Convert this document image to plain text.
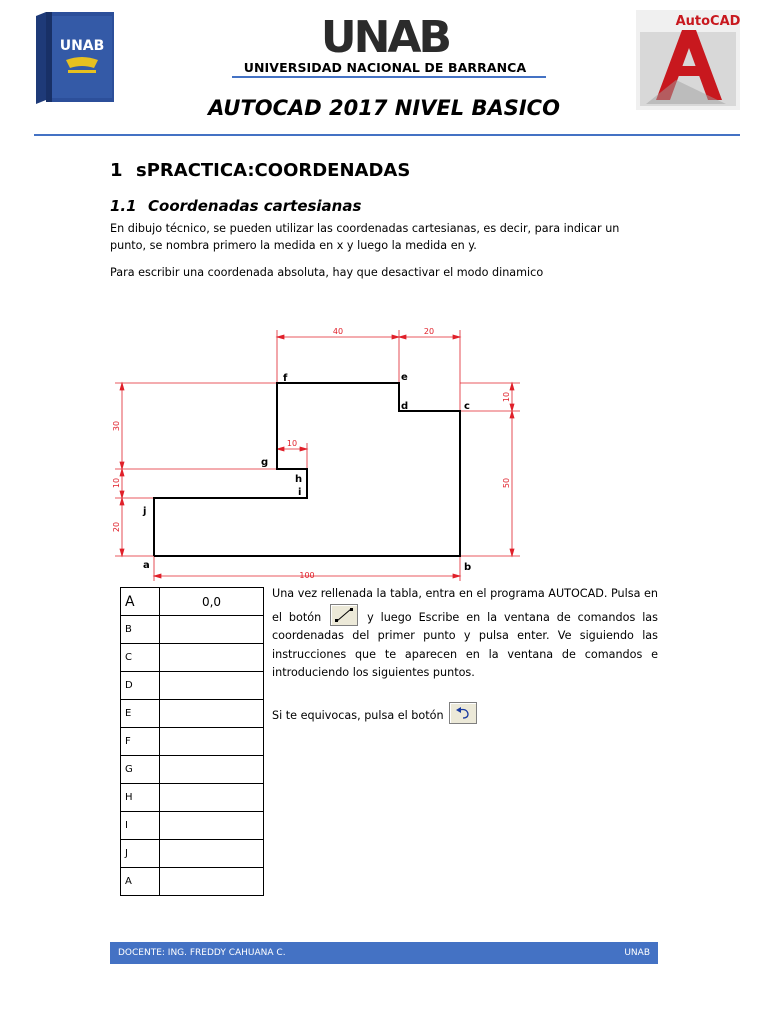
UNAB	UNAB
UNIVERSIDAD NACIONAL DE BARRANCA
AutoCAD
AUTOCAD 2017 NIVEL BASICO
1 sPRACTICA:COORDENADAS
1.1 Coordenadas cartesianas
En dibujo técnico, se pueden utilizar las coordenadas cartesianas, es decir, para indicar un
punto, se nombra primero la medida en x y luego la medida en y.
Para escribir una coordenada absoluta, hay que desactivar el modo dinamico
40	20
10
50
30
10
20
10
100
a	b
c
d
e
f
g
h
i
j
A	0,0
B	
C	
D	
E	
F	
G	
H	
I	
J	
A	
Una vez rellenada la tabla, entra en el programa AUTOCAD. Pulsa en el botón	y luego Escribe en la ventana de comandos las coordenadas del primer punto y pulsa enter. Ve siguiendo las instrucciones que te aparecen en la ventana de comandos e introduciendo los siguientes puntos.
Si te equivocas, pulsa el botón
DOCENTE: ING. FREDDY CAHUANA C.	UNAB
